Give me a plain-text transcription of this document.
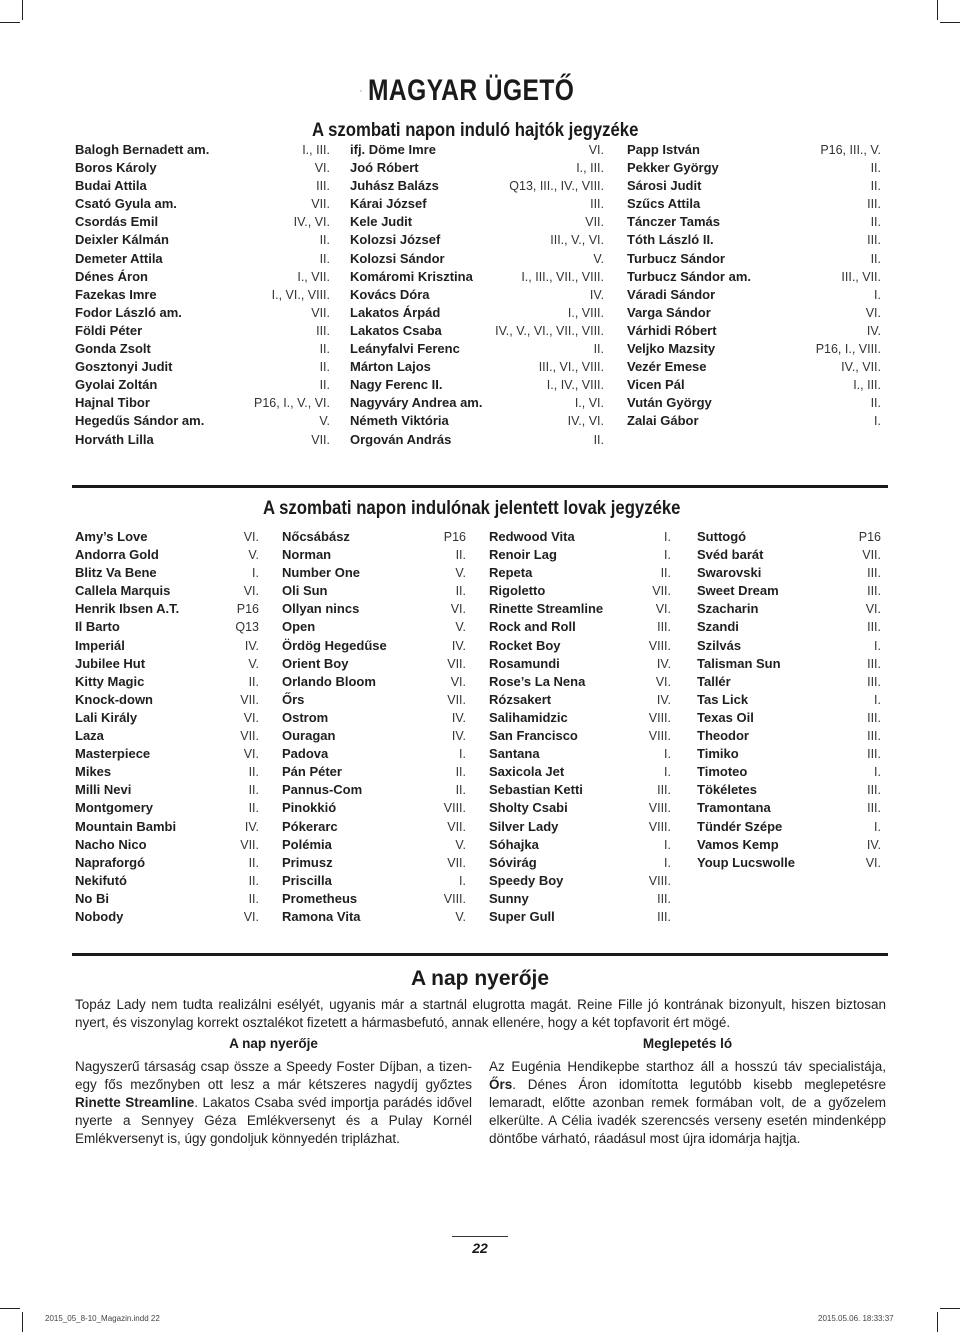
MAGYAR ÜGETŐ
A szombati napon induló hajtók jegyzéke
Balogh Bernadett am.	I., III.
Boros Károly	VI.
Budai Attila	III.
Csató Gyula am.	VII.
Csordás Emil	IV., VI.
Deixler Kálmán	II.
Demeter Attila	II.
Dénes Áron	I., VII.
Fazekas Imre	I., VI., VIII.
Fodor László am.	VII.
Földi Péter	III.
Gonda Zsolt	II.
Gosztonyi Judit	II.
Gyolai Zoltán	II.
Hajnal Tibor	P16, I., V., VI.
Hegedűs Sándor am.	V.
Horváth Lilla	VII.
ifj. Döme Imre	VI.
Joó Róbert	I., III.
Juhász Balázs	Q13, III., IV., VIII.
Kárai József	III.
Kele Judit	VII.
Kolozsi József	III., V., VI.
Kolozsi Sándor	V.
Komáromi Krisztina	I., III., VII., VIII.
Kovács Dóra	IV.
Lakatos Árpád	I., VIII.
Lakatos Csaba	IV., V., VI., VII., VIII.
Leányfalvi Ferenc	II.
Márton Lajos	III., VI., VIII.
Nagy Ferenc II.	I., IV., VIII.
Nagyváry Andrea am.	I., VI.
Németh Viktória	IV., VI.
Orgován András	II.
Papp István	P16, III., V.
Pekker György	II.
Sárosi Judit	II.
Szűcs Attila	III.
Tánczer Tamás	II.
Tóth László II.	III.
Turbucz Sándor	II.
Turbucz Sándor am.	III., VII.
Váradi Sándor	I.
Varga Sándor	VI.
Várhidi Róbert	IV.
Veljko Mazsity	P16, I., VIII.
Vezér Emese	IV., VII.
Vicen Pál	I., III.
Vután György	II.
Zalai Gábor	I.
A szombati napon indulónak jelentett lovak jegyzéke
Amy’s Love	VI.
Andorra Gold	V.
Blitz Va Bene	I.
Callela Marquis	VI.
Henrik Ibsen A.T.	P16
Il Barto	Q13
Imperiál	IV.
Jubilee Hut	V.
Kitty Magic	II.
Knock-down	VII.
Lali Király	VI.
Laza	VII.
Masterpiece	VI.
Mikes	II.
Milli Nevi	II.
Montgomery	II.
Mountain Bambi	IV.
Nacho Nico	VII.
Napraforgó	II.
Nekifutó	II.
No Bi	II.
Nobody	VI.
Nőcsábász	P16
Norman	II.
Number One	V.
Oli Sun	II.
Ollyan nincs	VI.
Open	V.
Ördög Hegedűse	IV.
Orient Boy	VII.
Orlando Bloom	VI.
Őrs	VII.
Ostrom	IV.
Ouragan	IV.
Padova	I.
Pán Péter	II.
Pannus-Com	II.
Pinokkió	VIII.
Pókerarc	VII.
Polémia	V.
Primusz	VII.
Priscilla	I.
Prometheus	VIII.
Ramona Vita	V.
Redwood Vita	I.
Renoir Lag	I.
Repeta	II.
Rigoletto	VII.
Rinette Streamline	VI.
Rock and Roll	III.
Rocket Boy	VIII.
Rosamundi	IV.
Rose’s La Nena	VI.
Rózsakert	IV.
Salihamidzic	VIII.
San Francisco	VIII.
Santana	I.
Saxicola Jet	I.
Sebastian Ketti	III.
Sholty Csabi	VIII.
Silver Lady	VIII.
Sóhajka	I.
Sóvirág	I.
Speedy Boy	VIII.
Sunny	III.
Super Gull	III.
Suttogó	P16
Svéd barát	VII.
Swarovski	III.
Sweet Dream	III.
Szacharin	VI.
Szandi	III.
Szilvás	I.
Talisman Sun	III.
Tallér	III.
Tas Lick	I.
Texas Oil	III.
Theodor	III.
Timiko	III.
Timoteo	I.
Tökéletes	III.
Tramontana	III.
Tündér Szépe	I.
Vamos Kemp	IV.
Youp Lucswolle	VI.
A nap nyerője
Topáz Lady nem tudta realizálni esélyét, ugyanis már a startnál elugrotta magát. Reine Fille jó kontrának bizonyult, hiszen biztosan nyert, és viszonylag korrekt osztalékot fizetett a hármasbefutó, annak ellenére, hogy a két topfavorit ért mögé.
A nap nyerője
Nagyszerű társaság csap össze a Speedy Foster Díjban, a tizenegy fős mezőnyben ott lesz a már kétszeres nagydíj győztes Rinette Streamline. Lakatos Csaba svéd importja parádés idővel nyerte a Sennyey Géza Emlékversenyt és a Pulay Kornél Emlékversenyt is, úgy gondoljuk könnyedén triplázhat.
Meglepetés ló
Az Eugénia Hendikepbe starthoz áll a hosszú táv specialistája, Őrs. Dénes Áron idomította legutóbb kisebb meglepetésre lemaradt, előtte azonban remek formában volt, de a győzelem elkerülte. A Célia ivadék szerencsés verseny esetén mindenképp döntőbe várható, ráadásul most újra idomárja hajtja.
22
2015_05_8-10_Magazin.indd 22	2015.05.06. 18:33:37
